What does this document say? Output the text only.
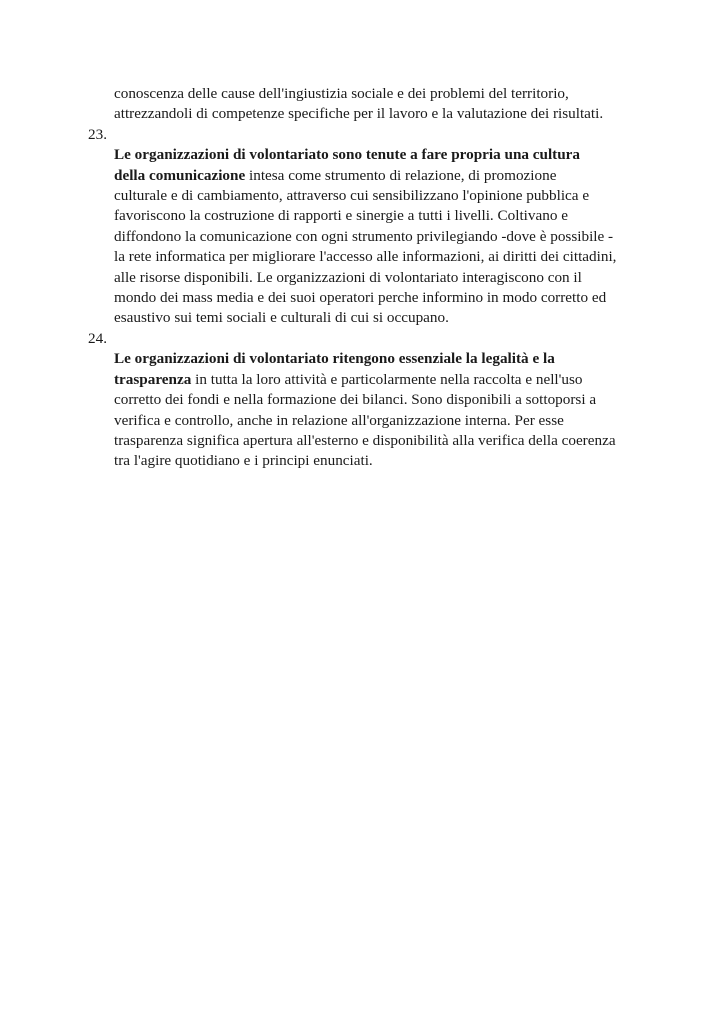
conoscenza delle cause dell'ingiustizia sociale e dei problemi del territorio,
attrezzandoli di competenze specifiche per il lavoro e la valutazione dei risultati.
23.
Le organizzazioni di volontariato sono tenute a fare propria una cultura
della comunicazione intesa come strumento di relazione, di promozione
culturale e di cambiamento, attraverso cui sensibilizzano l'opinione pubblica e
favoriscono la costruzione di rapporti e sinergie a tutti i livelli. Coltivano e
diffondono la comunicazione con ogni strumento privilegiando -dove è possibile -
la rete informatica per migliorare l'accesso alle informazioni, ai diritti dei cittadini,
alle risorse disponibili. Le organizzazioni di volontariato interagiscono con il
mondo dei mass media e dei suoi operatori perche informino in modo corretto ed
esaustivo sui temi sociali e culturali di cui si occupano.
24.
Le organizzazioni di volontariato ritengono essenziale la legalità e la
trasparenza in tutta la loro attività e particolarmente nella raccolta e nell'uso
corretto dei fondi e nella formazione dei bilanci. Sono disponibili a sottoporsi a
verifica e controllo, anche in relazione all'organizzazione interna. Per esse
trasparenza significa apertura all'esterno e disponibilità alla verifica della coerenza
tra l'agire quotidiano e i principi enunciati.
